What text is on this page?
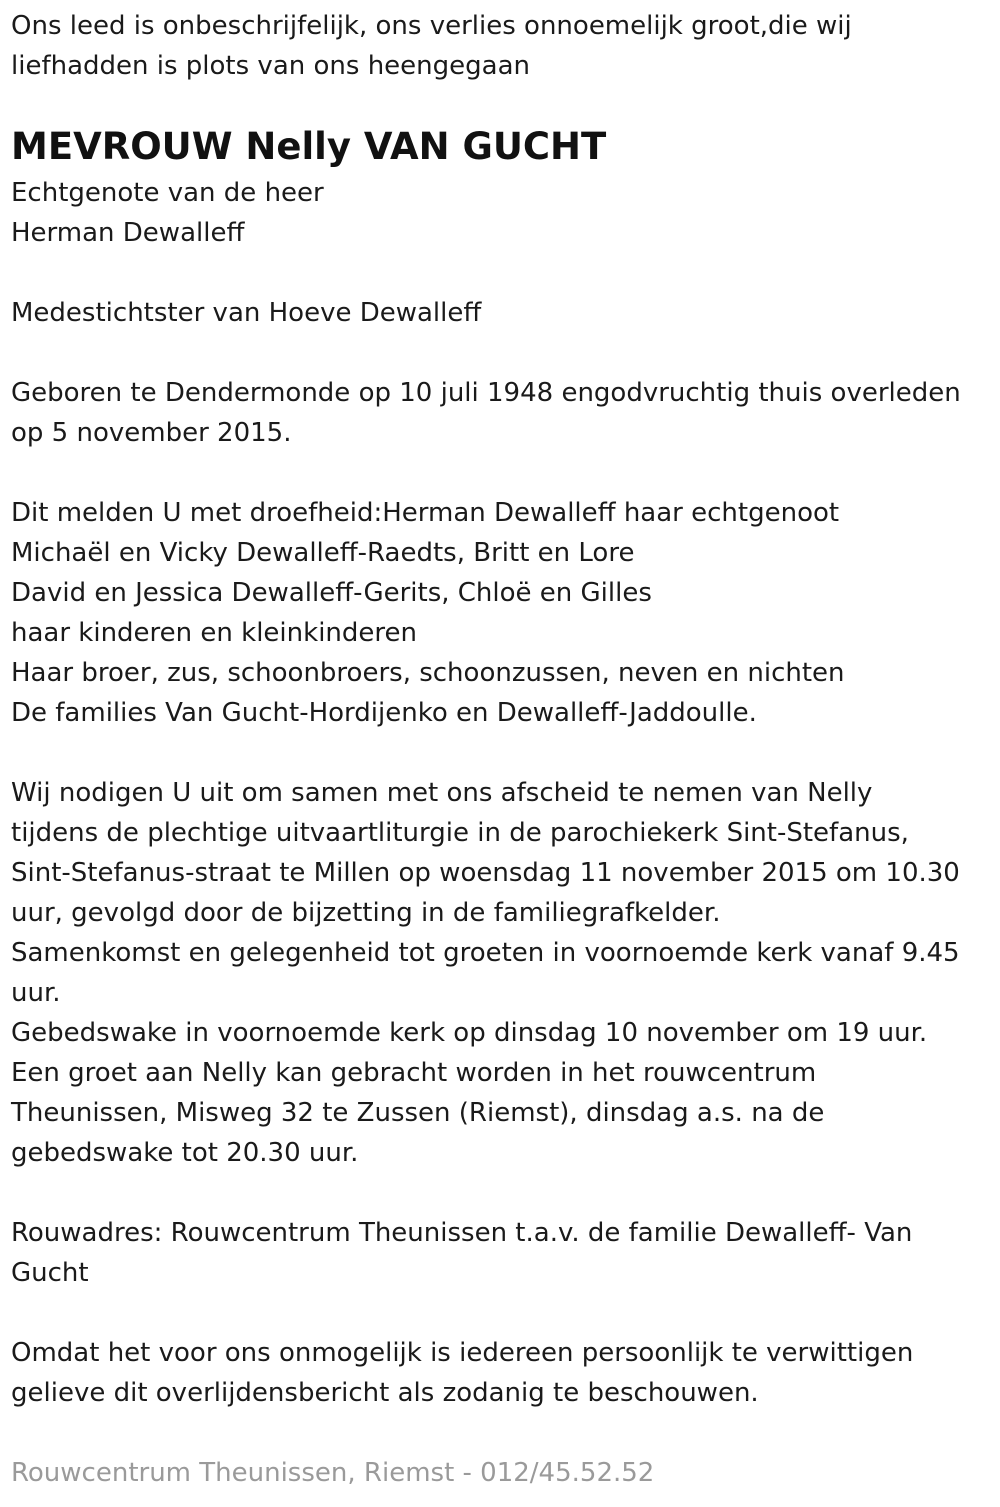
Ons leed is onbeschrijfelijk, ons verlies onnoemelijk groot,die wij
liefhadden is plots van ons heengegaan
MEVROUW Nelly VAN GUCHT
Echtgenote van de heer
Herman Dewalleff
Medestichtster van Hoeve Dewalleff
Geboren te Dendermonde op 10 juli 1948 engodvruchtig thuis overleden
op 5 november 2015.
Dit melden U met droefheid:Herman Dewalleff haar echtgenoot
Michaël en Vicky Dewalleff-Raedts, Britt en Lore
David en Jessica Dewalleff-Gerits, Chloë en Gilles
haar kinderen en kleinkinderen
Haar broer, zus, schoonbroers, schoonzussen, neven en nichten
De families Van Gucht-Hordijenko en Dewalleff-Jaddoulle.
Wij nodigen U uit om samen met ons afscheid te nemen van Nelly
tijdens de plechtige uitvaartliturgie in de parochiekerk Sint-Stefanus,
Sint-Stefanus-straat te Millen op woensdag 11 november 2015 om 10.30
uur, gevolgd door de bijzetting in de familiegrafkelder.
Samenkomst en gelegenheid tot groeten in voornoemde kerk vanaf 9.45
uur.
Gebedswake in voornoemde kerk op dinsdag 10 november om 19 uur.
Een groet aan Nelly kan gebracht worden in het rouwcentrum
Theunissen, Misweg 32 te Zussen (Riemst), dinsdag a.s. na de
gebedswake tot 20.30 uur.
Rouwadres: Rouwcentrum Theunissen t.a.v. de familie Dewalleff- Van
Gucht
Omdat het voor ons onmogelijk is iedereen persoonlijk te verwittigen
gelieve dit overlijdensbericht als zodanig te beschouwen.
Rouwcentrum Theunissen, Riemst - 012/45.52.52
